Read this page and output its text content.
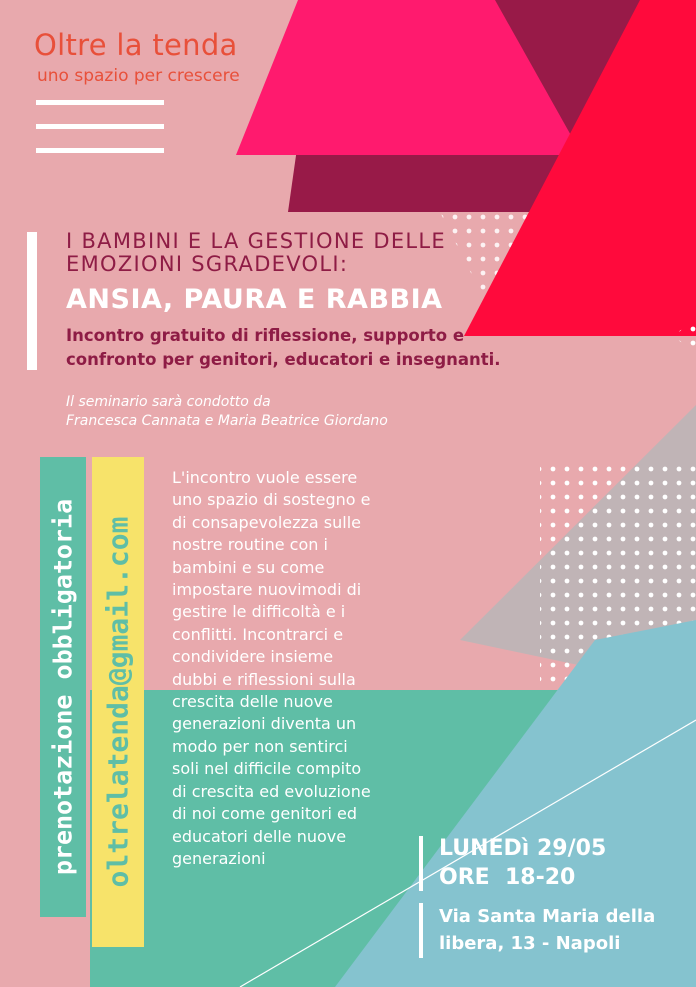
Oltre la tenda
uno spazio per crescere
I BAMBINI E LA GESTIONE DELLE
EMOZIONI SGRADEVOLI:
ANSIA, PAURA E RABBIA

Incontro gratuito di riflessione, supporto e confronto per genitori, educatori e insegnanti.

Il seminario sarà condotto da
Francesca Cannata e Maria Beatrice Giordano

prenotazione obbligatoria oltrelatenda@gmail.com

L'incontro vuole essere
uno spazio di sostegno e
di consapevolezza sulle
nostre routine con i
bambini e su come
impostare nuovimodi di
gestire le difficoltà e i
conflitti. Incontrarci e
condividere insieme
dubbi e riflessioni sulla
crescita delle nuove
generazioni diventa un
modo per non sentirci
soli nel difficile compito
di crescita ed evoluzione
di noi come genitori ed
educatori delle nuove
generazioni	LUNEDì 29/05
ORE  18-20

Via Santa Maria della
libera, 13 - Napoli
